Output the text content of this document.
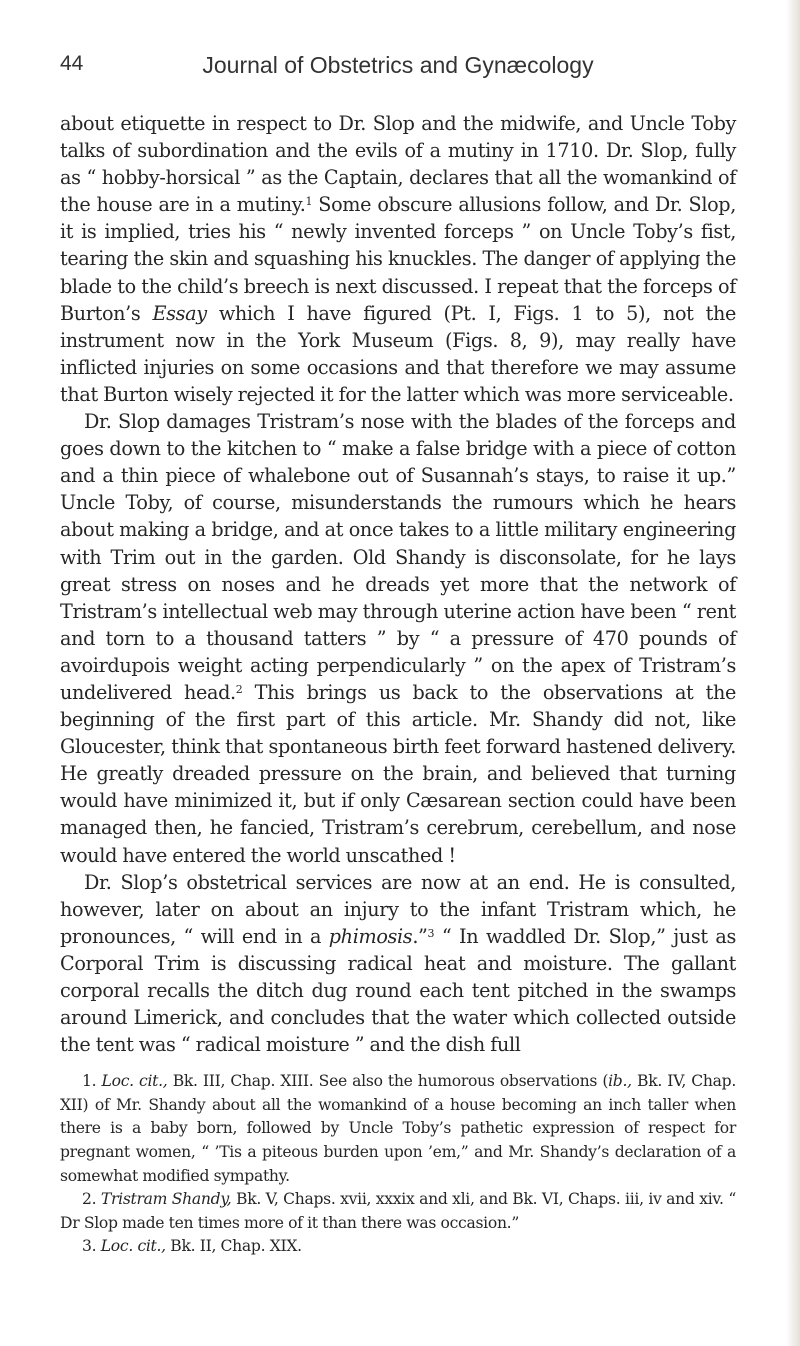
44	Journal of Obstetrics and Gynæcology

about etiquette in respect to Dr. Slop and the midwife, and Uncle Toby talks of subordination and the evils of a mutiny in 1710. Dr. Slop, fully as “ hobby-horsical ” as the Captain, declares that all the womankind of the house are in a mutiny.$^1$ Some obscure allusions follow, and Dr. Slop, it is implied, tries his “ newly invented forceps ” on Uncle Toby’s fist, tearing the skin and squashing his knuckles. The danger of applying the blade to the child’s breech is next discussed. I repeat that the forceps of Burton’s Essay which I have figured (Pt. I, Figs. 1 to 5), not the instrument now in the York Museum (Figs. 8, 9), may really have inflicted injuries on some occasions and that therefore we may assume that Burton wisely rejected it for the latter which was more serviceable.

Dr. Slop damages Tristram’s nose with the blades of the forceps and goes down to the kitchen to “ make a false bridge with a piece of cotton and a thin piece of whalebone out of Susannah’s stays, to raise it up.” Uncle Toby, of course, misunderstands the rumours which he hears about making a bridge, and at once takes to a little military engineering with Trim out in the garden. Old Shandy is disconsolate, for he lays great stress on noses and he dreads yet more that the network of Tristram’s intellectual web may through uterine action have been “ rent and torn to a thousand tatters ” by “ a pressure of 470 pounds of avoirdupois weight acting perpendicularly ” on the apex of Tristram’s undelivered head.$^2$ This brings us back to the observations at the beginning of the first part of this article. Mr. Shandy did not, like Gloucester, think that spontaneous birth feet forward hastened delivery. He greatly dreaded pressure on the brain, and believed that turning would have minimized it, but if only Cæsarean section could have been managed then, he fancied, Tristram’s cerebrum, cerebellum, and nose would have entered the world unscathed !

Dr. Slop’s obstetrical services are now at an end. He is consulted, however, later on about an injury to the infant Tristram which, he pronounces, “ will end in a phimosis.”$^3$ “ In waddled Dr. Slop,” just as Corporal Trim is discussing radical heat and moisture. The gallant corporal recalls the ditch dug round each tent pitched in the swamps around Limerick, and concludes that the water which collected outside the tent was “ radical moisture ” and the dish full

1. Loc. cit., Bk. III, Chap. XIII. See also the humorous observations (ib., Bk. IV, Chap. XII) of Mr. Shandy about all the womankind of a house becoming an inch taller when there is a baby born, followed by Uncle Toby’s pathetic expression of respect for pregnant women, “ ’Tis a piteous burden upon ’em,” and Mr. Shandy’s declaration of a somewhat modified sympathy.

2. Tristram Shandy, Bk. V, Chaps. xvii, xxxix and xli, and Bk. VI, Chaps. iii, iv and xiv. “ Dr Slop made ten times more of it than there was occasion.”

3. Loc. cit., Bk. II, Chap. XIX.
